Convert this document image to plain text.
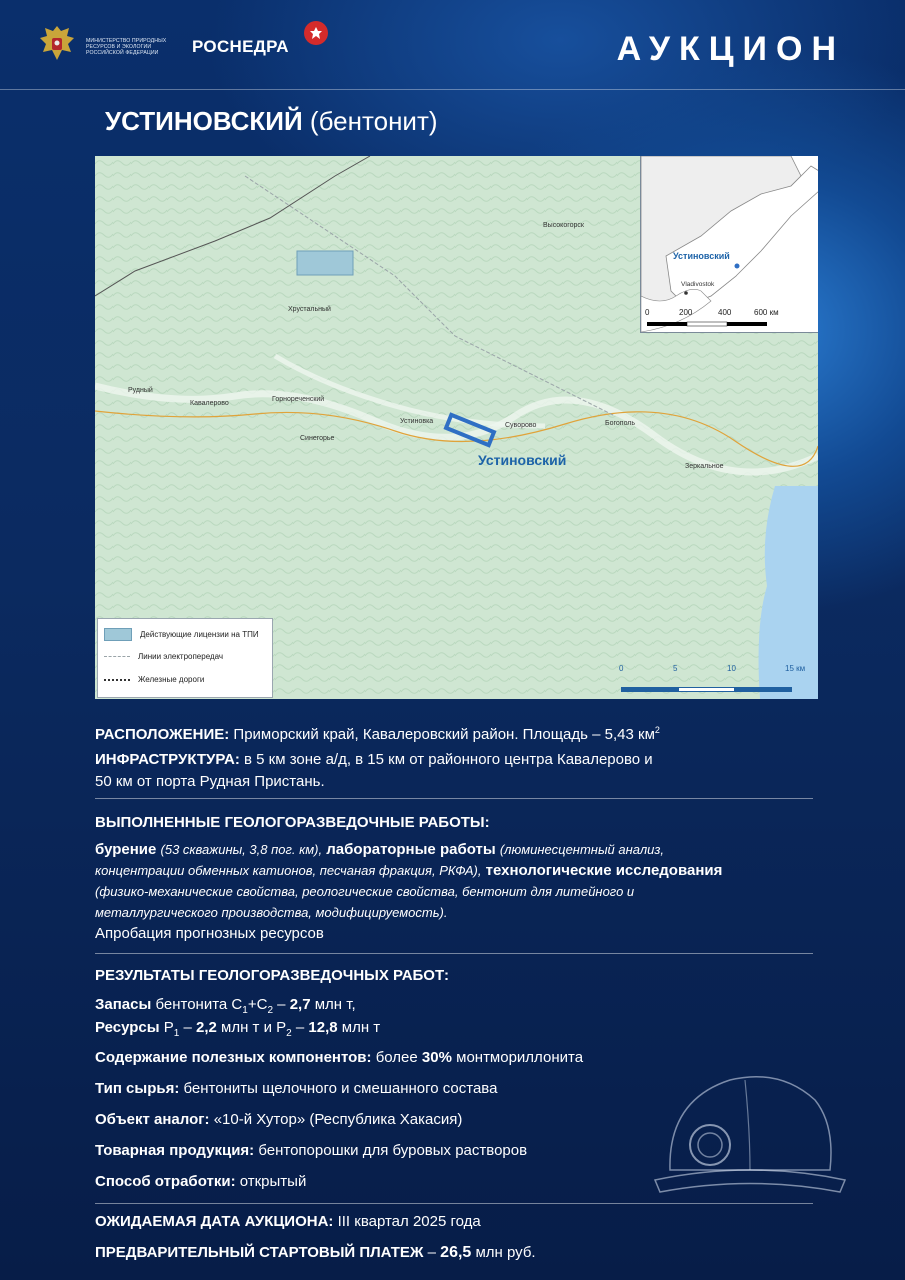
МИНИСТЕРСТВО ПРИРОДНЫХ
РЕСУРСОВ И ЭКОЛОГИИ
РОССИЙСКОЙ ФЕДЕРАЦИИ	РОСНЕДРА	АУКЦИОН
УСТИНОВСКИЙ (бентонит)
Высокогорск
Хрустальный
Рудный
Кавалерово
Горнореченский
Синегорье
Устиновка
Суворово	Богополь
Зеркальное
Устиновский
Устиновский
Vladivostok
0	200	400	600 км
Действующие лицензии на ТПИ
Линии электропередач
Железные дороги
0	5	10	15 км
РАСПОЛОЖЕНИЕ: Приморский край, Кавалеровский район. Площадь – 5,43 $км^2$
ИНФРАСТРУКТУРА: в 5 км зоне а/д, в 15 км от районного центра Кавалерово и
50 км от порта Рудная Пристань.
ВЫПОЛНЕННЫЕ ГЕОЛОГОРАЗВЕДОЧНЫЕ РАБОТЫ:
бурение (53 скважины, 3,8 пог. км), лабораторные работы (люминесцентный анализ,
концентрации обменных катионов, песчаная фракция, РКФА), технологические исследования
(физико-механические свойства, реологические свойства, бентонит для литейного и
металлургического производства, модифицируемость).
Апробация прогнозных ресурсов
РЕЗУЛЬТАТЫ ГЕОЛОГОРАЗВЕДОЧНЫХ РАБОТ:
Запасы бентонита $С_1+С_2 - 2,7$ млн т,
Ресурсы $Р_1 - 2,2$ млн т и $Р_2 - 12,8$ млн т
Содержание полезных компонентов: более 30% монтмориллонита
Тип сырья: бентониты щелочного и смешанного состава
Объект аналог: «10-й Хутор» (Республика Хакасия)
Товарная продукция: бентопорошки для буровых растворов
Способ отработки: открытый
ОЖИДАЕМАЯ ДАТА АУКЦИОНА: III квартал 2025 года
ПРЕДВАРИТЕЛЬНЫЙ СТАРТОВЫЙ ПЛАТЕЖ – 26,5 млн руб.
